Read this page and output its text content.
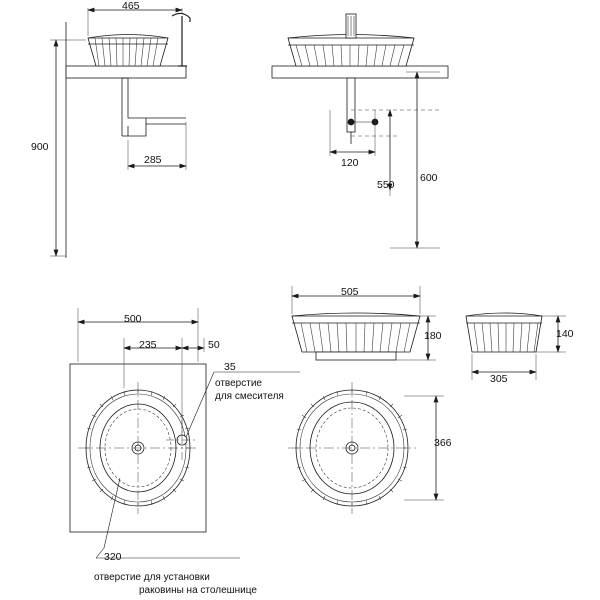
465
900
285	120
550
600
500
235	50
35
320
505
180	140
305
366
отверстие
для смесителя
отверстие для установки
раковины на столешнице
